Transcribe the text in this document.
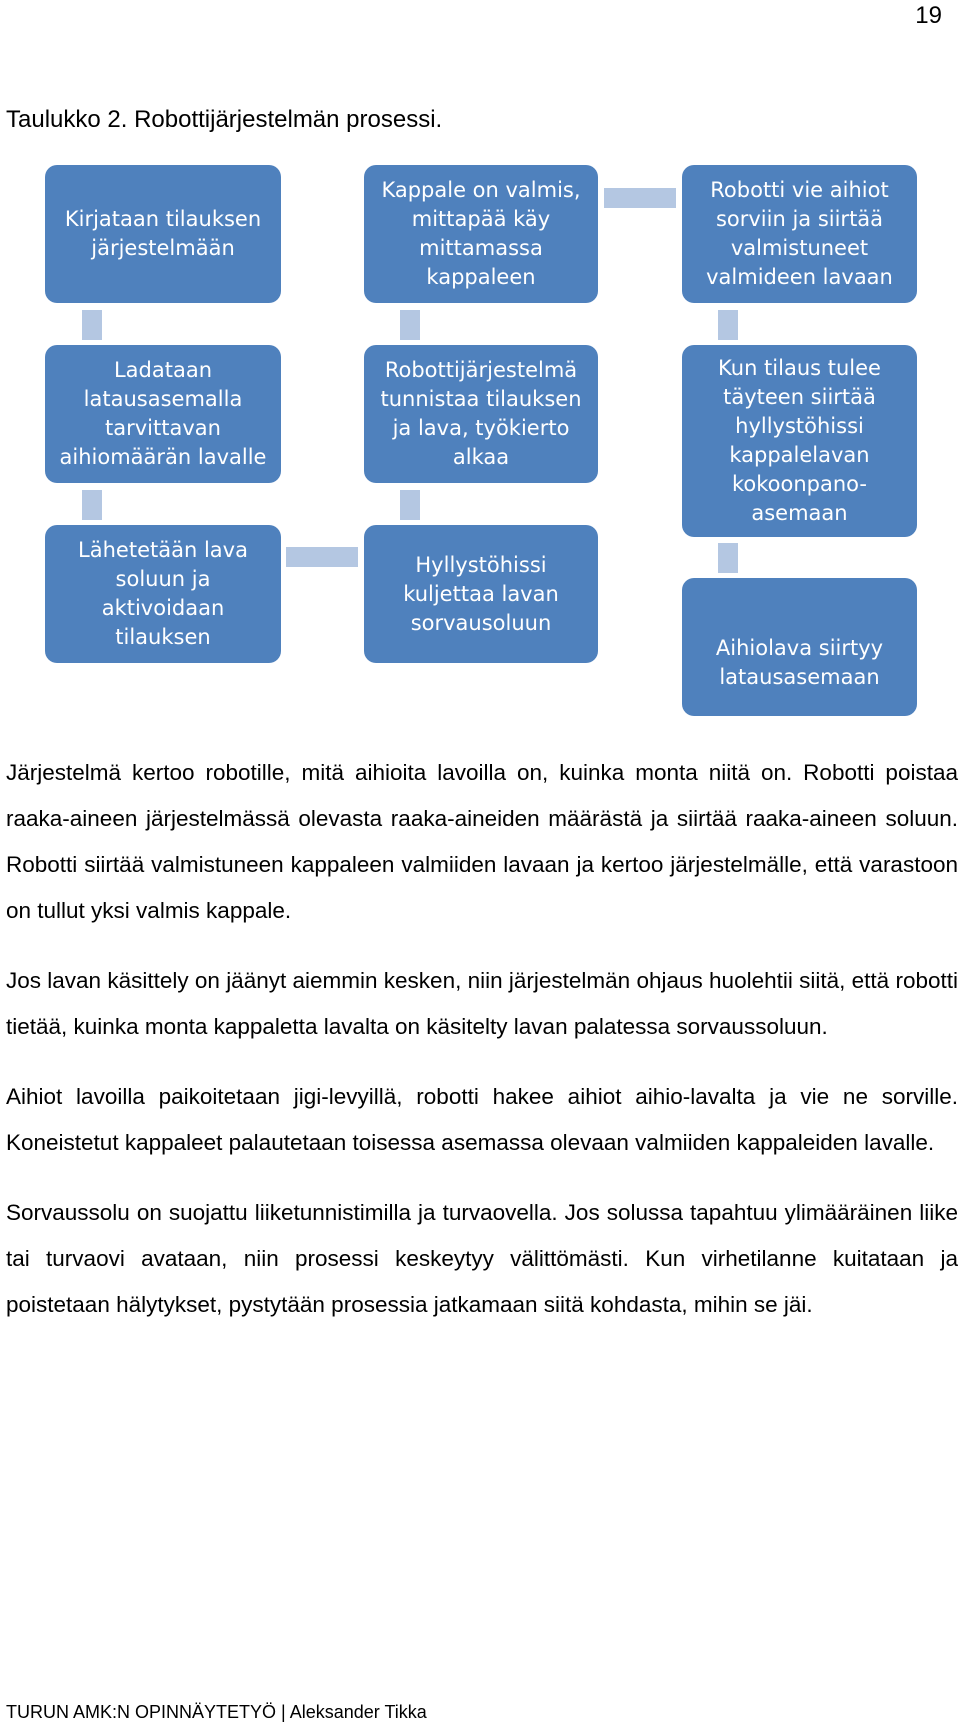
19
Taulukko 2. Robottijärjestelmän prosessi.
Kirjataan tilauksen järjestelmään
Ladataan latausasemalla tarvittavan aihiomäärän lavalle
Lähetetään lava soluun ja aktivoidaan tilauksen
Hyllystöhissi kuljettaa lavan sorvausoluun
Robottijärjestelmä tunnistaa tilauksen ja lava, työkierto alkaa
Kappale on valmis, mittapää käy mittamassa kappaleen
Robotti vie aihiot sorviin ja siirtää valmistuneet valmideen lavaan
Kun tilaus tulee täyteen siirtää hyllystöhissi kappalelavan kokoonpano-asemaan
Aihiolava siirtyy latausasemaan

Järjestelmä kertoo robotille, mitä aihioita lavoilla on, kuinka monta niitä on. Robotti poistaa raaka-aineen järjestelmässä olevasta raaka-aineiden määrästä ja siirtää raaka-aineen soluun. Robotti siirtää valmistuneen kappaleen valmiiden lavaan ja kertoo järjestelmälle, että varastoon on tullut yksi valmis kappale.

Jos lavan käsittely on jäänyt aiemmin kesken, niin järjestelmän ohjaus huolehtii siitä, että robotti tietää, kuinka monta kappaletta lavalta on käsitelty lavan palatessa sorvaussoluun.

Aihiot lavoilla paikoitetaan jigi-levyillä, robotti hakee aihiot aihio-lavalta ja vie ne sorville. Koneistetut kappaleet palautetaan toisessa asemassa olevaan valmiiden kappaleiden lavalle.

Sorvaussolu on suojattu liiketunnistimilla ja turvaovella. Jos solussa tapahtuu ylimääräinen liike tai turvaovi avataan, niin prosessi keskeytyy välittömästi. Kun virhetilanne kuitataan ja poistetaan hälytykset, pystytään prosessia jatkamaan siitä kohdasta, mihin se jäi.

TURUN AMK:N OPINNÄYTETYÖ | Aleksander Tikka
